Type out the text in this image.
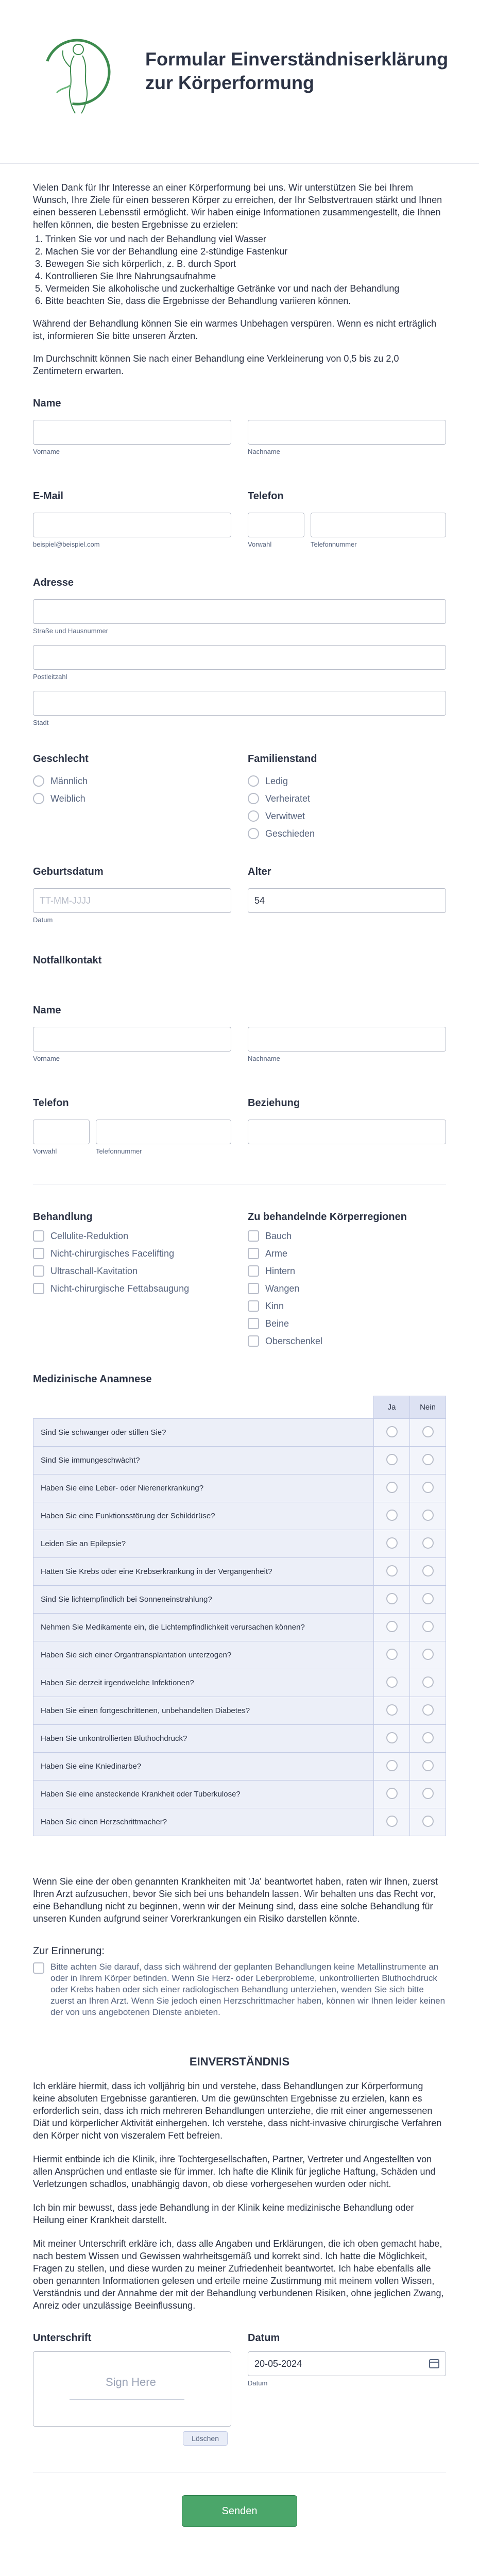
Formular Einverständniserklärung zur Körperformung

Vielen Dank für Ihr Interesse an einer Körperformung bei uns. Wir unterstützen Sie bei Ihrem Wunsch, Ihre Ziele für einen besseren Körper zu erreichen, der Ihr Selbstvertrauen stärkt und Ihnen einen besseren Lebensstil ermöglicht. Wir haben einige Informationen zusammengestellt, die Ihnen helfen können, die besten Ergebnisse zu erzielen:

1. Trinken Sie vor und nach der Behandlung viel Wasser
2. Machen Sie vor der Behandlung eine 2-stündige Fastenkur
3. Bewegen Sie sich körperlich, z. B. durch Sport
4. Kontrollieren Sie Ihre Nahrungsaufnahme
5. Vermeiden Sie alkoholische und zuckerhaltige Getränke vor und nach der Behandlung
6. Bitte beachten Sie, dass die Ergebnisse der Behandlung variieren können.

Während der Behandlung können Sie ein warmes Unbehagen verspüren. Wenn es nicht erträglich ist, informieren Sie bitte unseren Ärzten.

Im Durchschnitt können Sie nach einer Behandlung eine Verkleinerung von 0,5 bis zu 2,0 Zentimetern erwarten.

Name
Vorname	Nachname
E-Mail
beispiel@beispiel.com
Telefon
Vorwahl	Telefonnummer
Adresse
Straße und Hausnummer
Postleitzahl
Stadt
Geschlecht
Männlich
Weiblich
Familienstand
Ledig
Verheiratet
Verwitwet
Geschieden
Geburtsdatum
TT-MM-JJJJ
Datum
Alter
54
Notfallkontakt
Name
Vorname	Nachname
Telefon
Vorwahl	Telefonnummer
Beziehung
Behandlung
Cellulite-Reduktion
Nicht-chirurgisches Facelifting
Ultraschall-Kavitation
Nicht-chirurgische Fettabsaugung
Zu behandelnde Körperregionen
Bauch
Arme
Hintern
Wangen
Kinn
Beine
Oberschenkel
Medizinische Anamnese
	Ja	Nein
Sind Sie schwanger oder stillen Sie?		
Sind Sie immungeschwächt?		
Haben Sie eine Leber- oder Nierenerkrankung?		
Haben Sie eine Funktionsstörung der Schilddrüse?		
Leiden Sie an Epilepsie?		
Hatten Sie Krebs oder eine Krebserkrankung in der Vergangenheit?		
Sind Sie lichtempfindlich bei Sonneneinstrahlung?		
Nehmen Sie Medikamente ein, die Lichtempfindlichkeit verursachen können?		
Haben Sie sich einer Organtransplantation unterzogen?		
Haben Sie derzeit irgendwelche Infektionen?		
Haben Sie einen fortgeschrittenen, unbehandelten Diabetes?		
Haben Sie unkontrollierten Bluthochdruck?		
Haben Sie eine Kniedinarbe?		
Haben Sie eine ansteckende Krankheit oder Tuberkulose?		
Haben Sie einen Herzschrittmacher?		

Wenn Sie eine der oben genannten Krankheiten mit 'Ja' beantwortet haben, raten wir Ihnen, zuerst Ihren Arzt aufzusuchen, bevor Sie sich bei uns behandeln lassen. Wir behalten uns das Recht vor, eine Behandlung nicht zu beginnen, wenn wir der Meinung sind, dass eine solche Behandlung für unseren Kunden aufgrund seiner Vorerkrankungen ein Risiko darstellen könnte.

Zur Erinnerung:
Bitte achten Sie darauf, dass sich während der geplanten Behandlungen keine Metallinstrumente an oder in Ihrem Körper befinden. Wenn Sie Herz- oder Leberprobleme, unkontrollierten Bluthochdruck oder Krebs haben oder sich einer radiologischen Behandlung unterziehen, wenden Sie sich bitte zuerst an Ihren Arzt. Wenn Sie jedoch einen Herzschrittmacher haben, können wir Ihnen leider keinen der von uns angebotenen Dienste anbieten.
EINVERSTÄNDNIS

Ich erkläre hiermit, dass ich volljährig bin und verstehe, dass Behandlungen zur Körperformung keine absoluten Ergebnisse garantieren. Um die gewünschten Ergebnisse zu erzielen, kann es erforderlich sein, dass ich mich mehreren Behandlungen unterziehe, die mit einer angemessenen Diät und körperlicher Aktivität einhergehen. Ich verstehe, dass nicht-invasive chirurgische Verfahren den Körper nicht von viszeralem Fett befreien.

Hiermit entbinde ich die Klinik, ihre Tochtergesellschaften, Partner, Vertreter und Angestellten von allen Ansprüchen und entlaste sie für immer. Ich hafte die Klinik für jegliche Haftung, Schäden und Verletzungen schadlos, unabhängig davon, ob diese vorhergesehen wurden oder nicht.

Ich bin mir bewusst, dass jede Behandlung in der Klinik keine medizinische Behandlung oder Heilung einer Krankheit darstellt.

Mit meiner Unterschrift erkläre ich, dass alle Angaben und Erklärungen, die ich oben gemacht habe, nach bestem Wissen und Gewissen wahrheitsgemäß und korrekt sind. Ich hatte die Möglichkeit, Fragen zu stellen, und diese wurden zu meiner Zufriedenheit beantwortet. Ich habe ebenfalls alle oben genannten Informationen gelesen und erteile meine Zustimmung mit meinem vollen Wissen, Verständnis und der Annahme der mit der Behandlung verbundenen Risiken, ohne jeglichen Zwang, Anreiz oder unzulässige Beeinflussung.

Unterschrift
Sign Here
Löschen
Datum
20-05-2024
Datum
Senden
